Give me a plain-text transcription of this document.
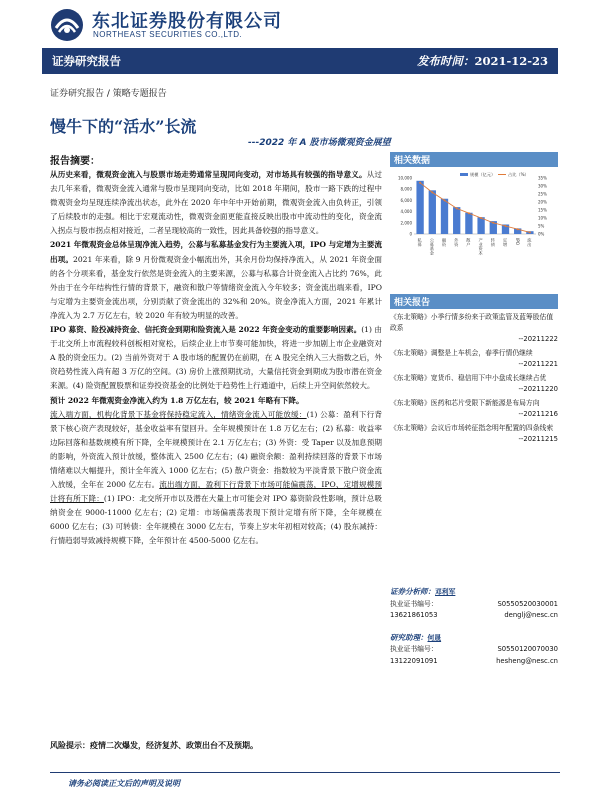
东北证券股份有限公司
NORTHEAST SECURITIES CO.,LTD.
证券研究报告	发布时间：2021-12-23
证券研究报告 / 策略专题报告
慢牛下的“活水”长流
---2022 年 A 股市场微观资金展望
报告摘要：

从历史来看，微观资金流入与股票市场走势通常呈现同向变动，对市场具有较强的指导意义。从过去几年来看，微观资金流入通常与股市呈现同向变动，比如 2018 年期间，股市一路下跌的过程中微观资金均呈现连续净流出状态，此外在 2020 年中年中开始前期，微观资金流入由负转正，引领了后续股市的走强。相比于宏观流动性，微观资金面更能直接反映出股市中流动性的变化，资金流入拐点与股市拐点相对接近，二者呈现较高的一致性，因此具备较强的指导意义。

2021 年微观资金总体呈现净流入趋势，公募与私募基金发行为主要流入项，IPO 与定增为主要流出项。2021 年来看，除 9 月份微观资金小幅流出外，其余月份均保持净流入，从 2021 年资金面的各个分项来看，基金发行依然是资金流入的主要来源，公募与私募合计资金流入占比约 76%，此外由于在今年结构性行情的背景下，融资和散户等情绪资金流入今年较多；资金流出端来看，IPO 与定增为主要资金流出项，分别贡献了资金流出的 32%和 20%。资金净流入方面，2021 年累计净流入为 2.7 万亿左右，较 2020 年有较为明显的改善。

IPO 募资、险投减持资金、信托资金到期和险资流入是 2022 年资金变动的重要影响因素。(1) 由于北交所上市流程较科创板相对宽松，后续企业上市节奏可能加快，将进一步加剧上市企业融资对 A 股的资金压力。(2) 当前外资对于 A 股市场的配置仍在前期，在 A 股完全纳入三大指数之后，外资趋势性流入尚有超 3 万亿的空间。(3) 房价上涨预期扰动，大量信托资金到期成为股市潜在资金来源。(4) 险资配置股票和证券投资基金的比例处于趋势性上行通道中，后续上升空间依然较大。

预计 2022 年微观资金净流入约为 1.8 万亿左右，较 2021 年略有下降。
流入端方面，机构化背景下基金将保持稳定流入，情绪资金流入可能放缓：(1) 公募：盈利下行背景下核心资产表现较好，基金收益率有望回升。全年规模预计在 1.8 万亿左右；(2) 私募：收益率边际回落和基数规模有所下降，全年规模预计在 2.1 万亿左右；(3) 外资：受 Taper 以及加息预期的影响，外资流入预计放缓，整体流入 2500 亿左右；(4) 融资余额：盈利持续回落的背景下市场情绪难以大幅提升，预计全年流入 1000 亿左右；(5) 散户资金：指数较为平淡背景下散户资金流入放缓，全年在 2000 亿左右。流出端方面，盈利下行背景下市场可能偏震荡，IPO、定增规模预计将有所下降：(1) IPO：北交所开市以及潜在大量上市可能会对 IPO 募资阶段性影响，预计总吸纳资金在 9000-11000 亿左右；(2) 定增：市场偏震荡表现下预计定增有所下降，全年规模在 6000 亿左右；(3) 可转债：全年规模在 3000 亿左右，节奏上岁末年初相对较高；(4) 股东减持：行情趋弱导致减持规模下降，全年预计在 4500-5000 亿左右。

风险提示：疫情二次爆发，经济复苏、政策出台不及预期。
相关数据
0
2,000
4,000
6,000
8,000
10,000
0%
5%
10%
15%
20%
25%
30%
35%
私募 公募基金 融资 外资 散户 产业资本 转债 定增 IPO 流出
规模（亿元）	占比（%）
相关报告
《东北策略》小季行情多纷来于政策监管及蓝筹股估值政系
--20211222
《东北策略》调整是上车机会，春季行情仍继续
--20211221
《东北策略》宽货币、稳信用下中小盘成长继续占优
--20211220
《东北策略》医药和芯片受限下新能源是布局方向
--20211216
《东北策略》会议后市场转征指念明年配置的四条线索
--20211215
证券分析师：邓利军
执业证书编号：	S0550520030001
13621861053	denglj@nesc.cn
研究助理：何晟
执业证书编号：	S0550120070030
13122091091	hesheng@nesc.cn
请务必阅读正文后的声明及说明
